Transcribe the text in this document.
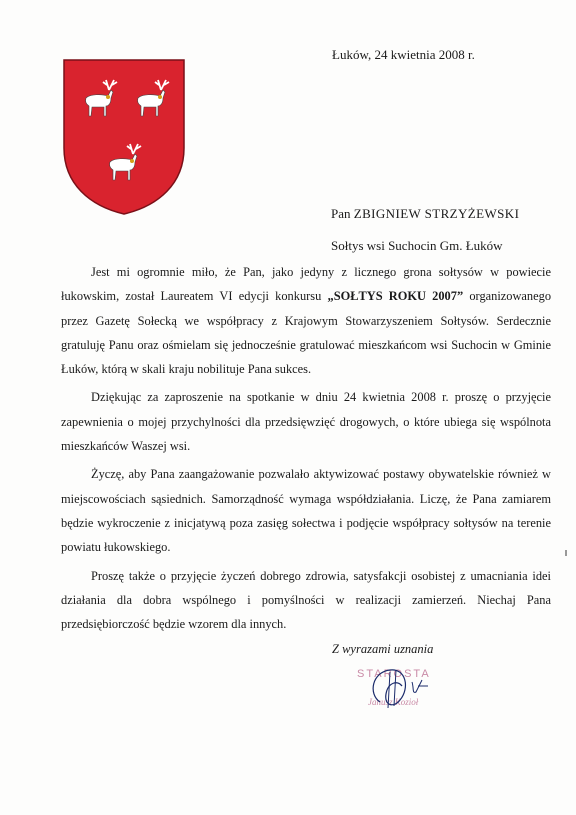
Łuków, 24 kwietnia 2008 r.
Pan ZBIGNIEW STRZYŻEWSKI
Sołtys wsi Suchocin Gm. Łuków

Jest mi ogromnie miło, że Pan, jako jedyny z licznego grona sołtysów w powiecie łukowskim, został Laureatem VI edycji konkursu „SOŁTYS ROKU 2007” organizowanego przez Gazetę Sołecką we współpracy z Krajowym Stowarzyszeniem Sołtysów. Serdecznie gratuluję Panu oraz ośmielam się jednocześnie gratulować mieszkańcom wsi Suchocin w Gminie Łuków, którą w skali kraju nobilituje Pana sukces.

Dziękując za zaproszenie na spotkanie w dniu 24 kwietnia 2008 r. proszę o przyjęcie zapewnienia o mojej przychylności dla przedsięwzięć drogowych, o które ubiega się wspólnota mieszkańców Waszej wsi.

Życzę, aby Pana zaangażowanie pozwalało aktywizować postawy obywatelskie również w miejscowościach sąsiednich. Samorządność wymaga współdziałania. Liczę, że Pana zamiarem będzie wykroczenie z inicjatywą poza zasięg sołectwa i podjęcie współpracy sołtysów na terenie powiatu łukowskiego.

Proszę także o przyjęcie życzeń dobrego zdrowia, satysfakcji osobistej z umacniania idei działania dla dobra wspólnego i pomyślności w realizacji zamierzeń. Niechaj Pana przedsiębiorczość będzie wzorem dla innych.

Z wyrazami uznania
STAROSTA
Janusz Kozioł
